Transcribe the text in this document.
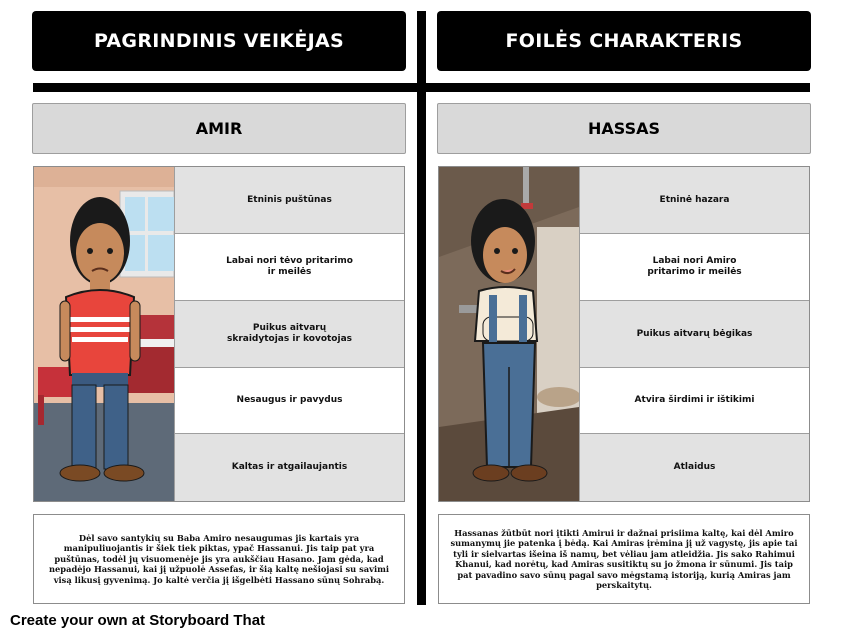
PAGRINDINIS VEIKĖJAS	FOILĖS CHARAKTERIS
AMIR	HASSAS
Etninis puštūnas
Labai nori tėvo pritarimo ir meilės
Puikus aitvarų skraidytojas ir kovotojas
Nesaugus ir pavydus
Kaltas ir atgailaujantis
Etninė hazara
Labai nori Amiro pritarimo ir meilės
Puikus aitvarų bėgikas
Atvira širdimi ir ištikimi
Atlaidus
Dėl savo santykių su Baba Amiro nesaugumas jis kartais yra manipuliuojantis ir šiek tiek piktas, ypač Hassanui. Jis taip pat yra puštūnas, todėl jų visuomenėje jis yra aukščiau Hasano. Jam gėda, kad nepadėjo Hassanui, kai jį užpuolė Assefas, ir šią kaltę nešiojasi su savimi visą likusį gyvenimą. Jo kaltė verčia jį išgelbėti Hassano sūnų Sohrabą.
Hassanas žūtbūt nori įtikti Amirui ir dažnai prisiima kaltę, kai dėl Amiro sumanymų jie patenka į bėdą. Kai Amiras įrėmina jį už vagystę, jis apie tai tyli ir sielvartas išeina iš namų, bet vėliau jam atleidžia. Jis sako Rahimui Khanui, kad norėtų, kad Amiras susitiktų su jo žmona ir sūnumi. Jis taip pat pavadino savo sūnų pagal savo mėgstamą istoriją, kurią Amiras jam perskaitytų.
Create your own at Storyboard That
